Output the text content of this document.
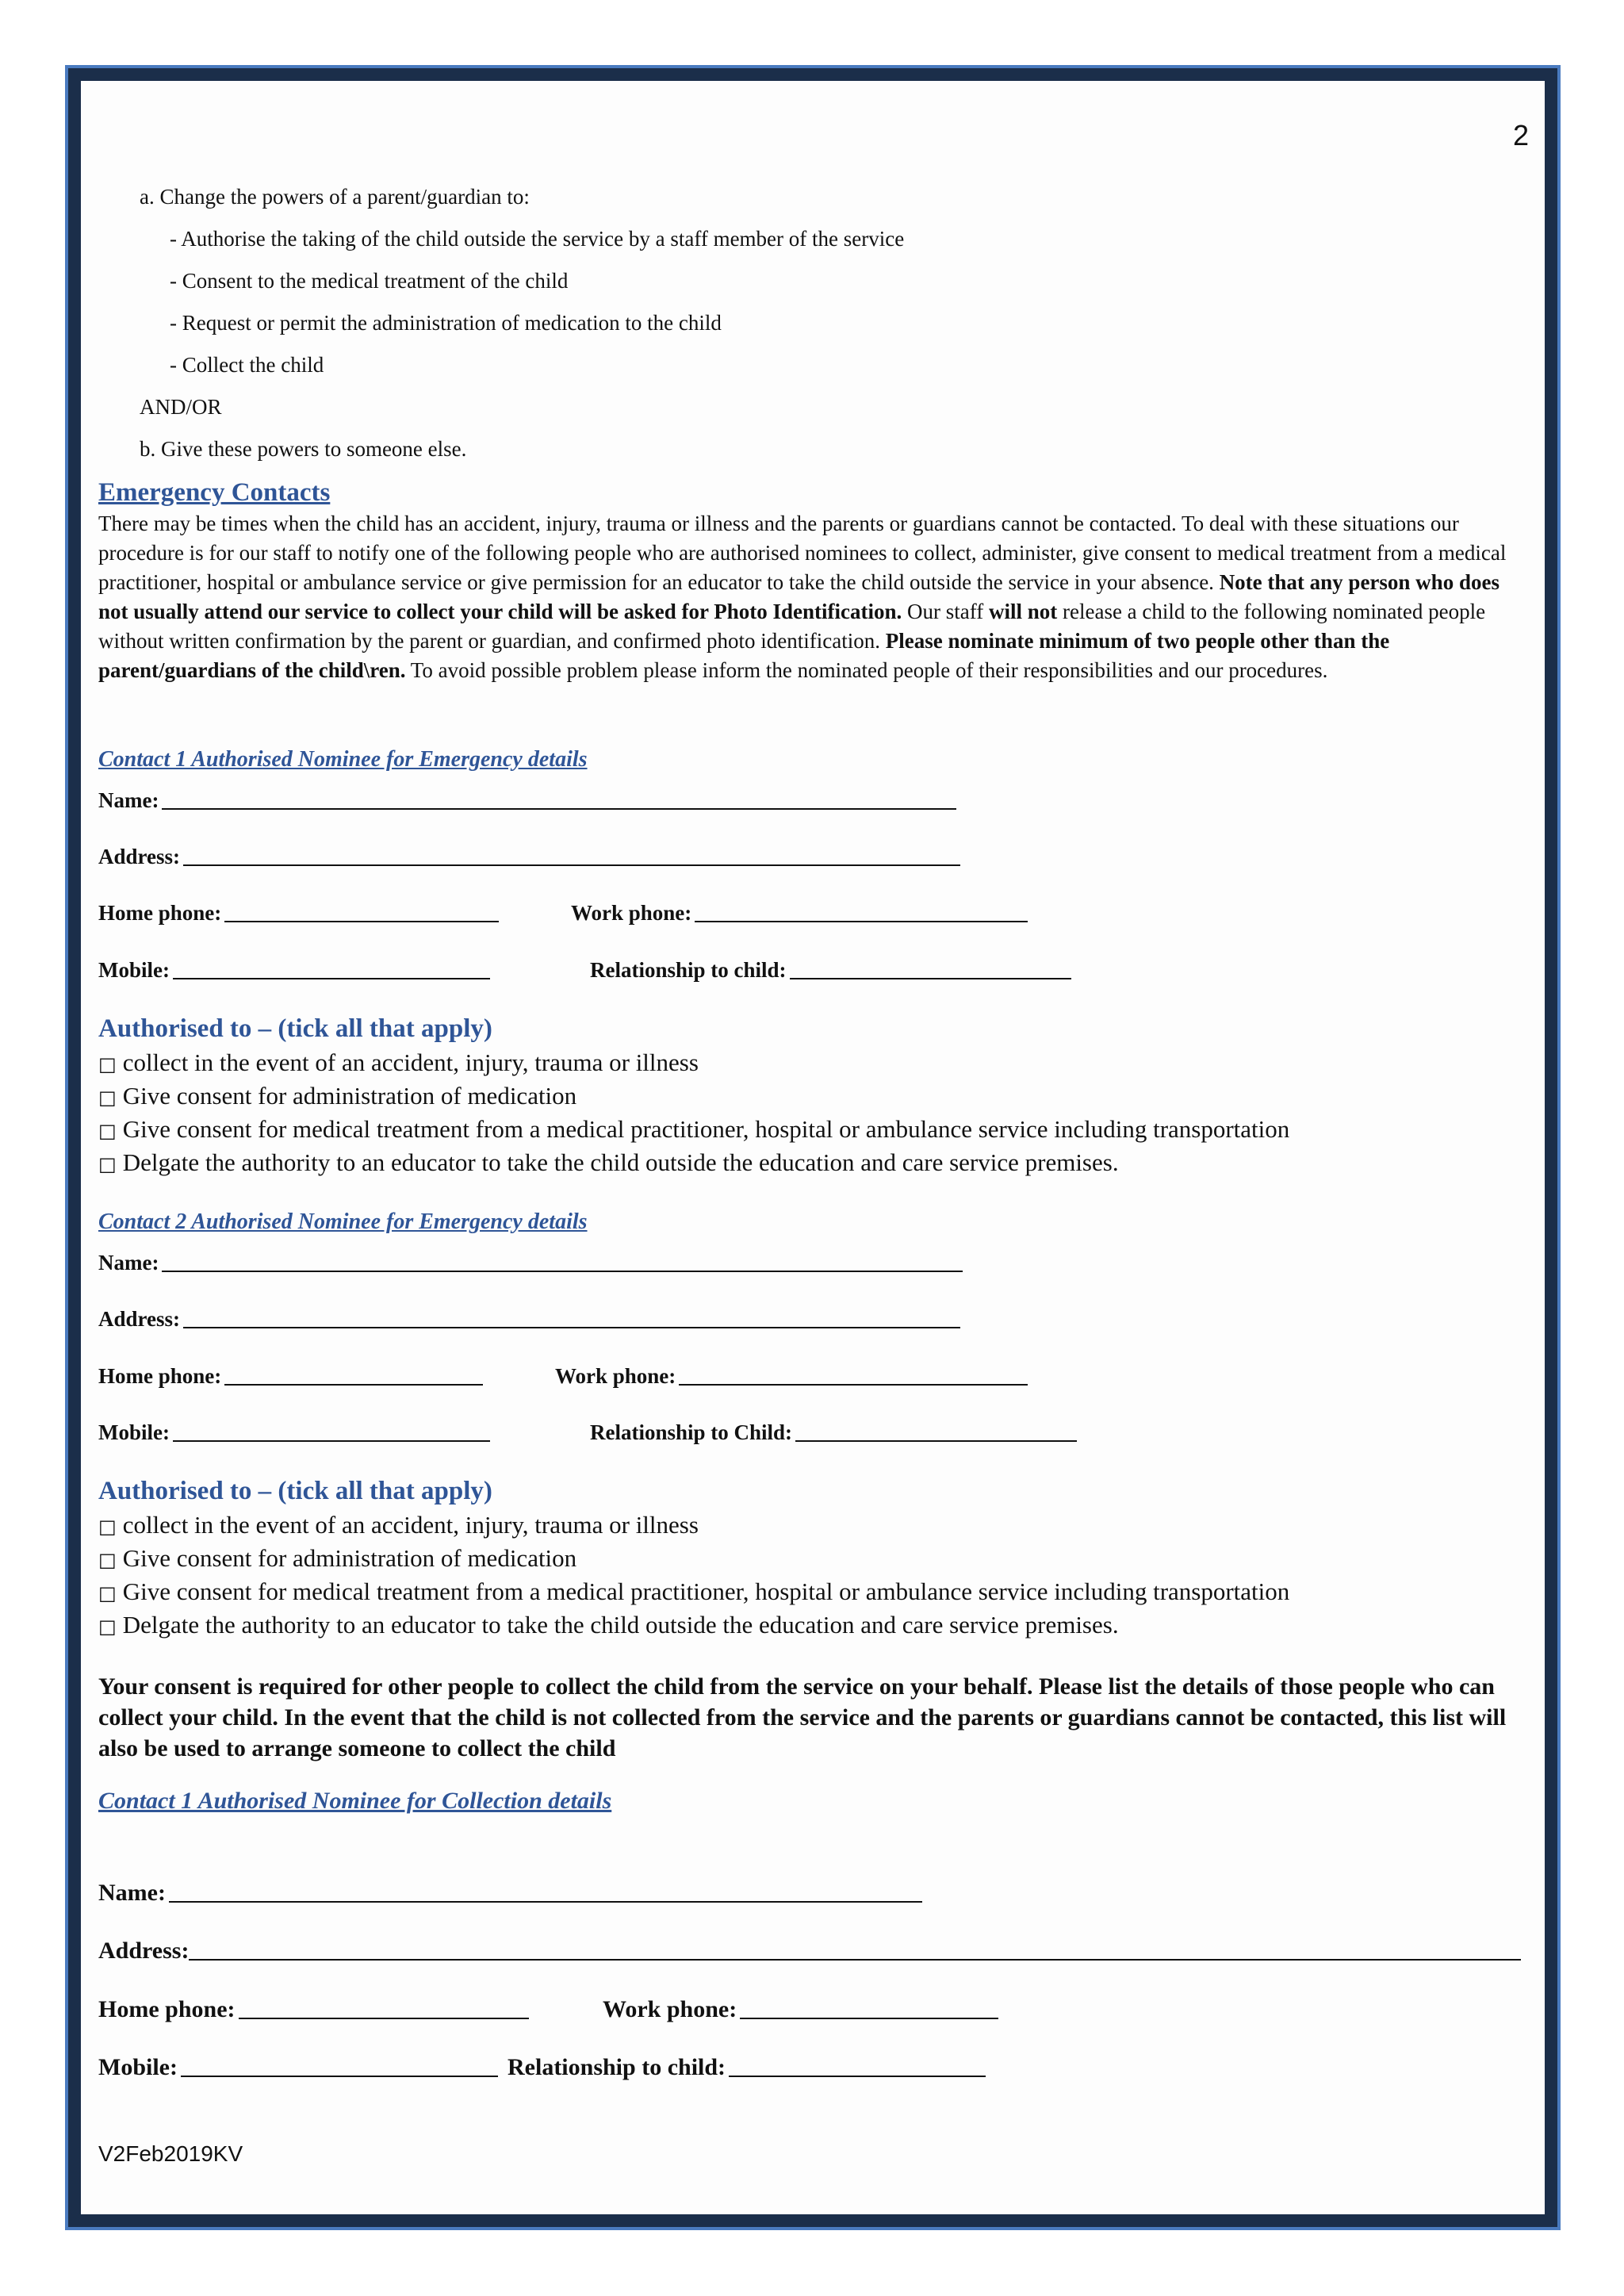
2
a. Change the powers of a parent/guardian to:
- Authorise the taking of the child outside the service by a staff member of the service
- Consent to the medical treatment of the child
- Request or permit the administration of medication to the child
- Collect the child
AND/OR
b. Give these powers to someone else.
Emergency Contacts
There may be times when the child has an accident, injury, trauma or illness and the parents or guardians cannot be contacted. To deal with these situations our procedure is for our staff to notify one of the following people who are authorised nominees to collect, administer, give consent to medical treatment from a medical practitioner, hospital or ambulance service or give permission for an educator to take the child outside the service in your absence. Note that any person who does not usually attend our service to collect your child will be asked for Photo Identification. Our staff will not release a child to the following nominated people without written confirmation by the parent or guardian, and confirmed photo identification. Please nominate minimum of two people other than the parent/guardians of the child\ren. To avoid possible problem please inform the nominated people of their responsibilities and our procedures.
Contact 1 Authorised Nominee for Emergency details
Name:
Address:
Home phone:	Work phone:
Mobile:	Relationship to child:
Authorised to – (tick all that apply)
□ collect in the event of an accident, injury, trauma or illness
□ Give consent for administration of medication
□ Give consent for medical treatment from a medical practitioner, hospital or ambulance service including transportation
□ Delgate the authority to an educator to take the child outside the education and care service premises.
Contact 2 Authorised Nominee for Emergency details
Name:
Address:
Home phone:	Work phone:
Mobile:	Relationship to Child:
Authorised to – (tick all that apply)
□ collect in the event of an accident, injury, trauma or illness
□ Give consent for administration of medication
□ Give consent for medical treatment from a medical practitioner, hospital or ambulance service including transportation
□ Delgate the authority to an educator to take the child outside the education and care service premises.
Your consent is required for other people to collect the child from the service on your behalf. Please list the details of those people who can collect your child. In the event that the child is not collected from the service and the parents or guardians cannot be contacted, this list will also be used to arrange someone to collect the child
Contact 1 Authorised Nominee for Collection details
Name:
Address:
Home phone:	Work phone:
Mobile:	Relationship to child:
V2Feb2019KV
